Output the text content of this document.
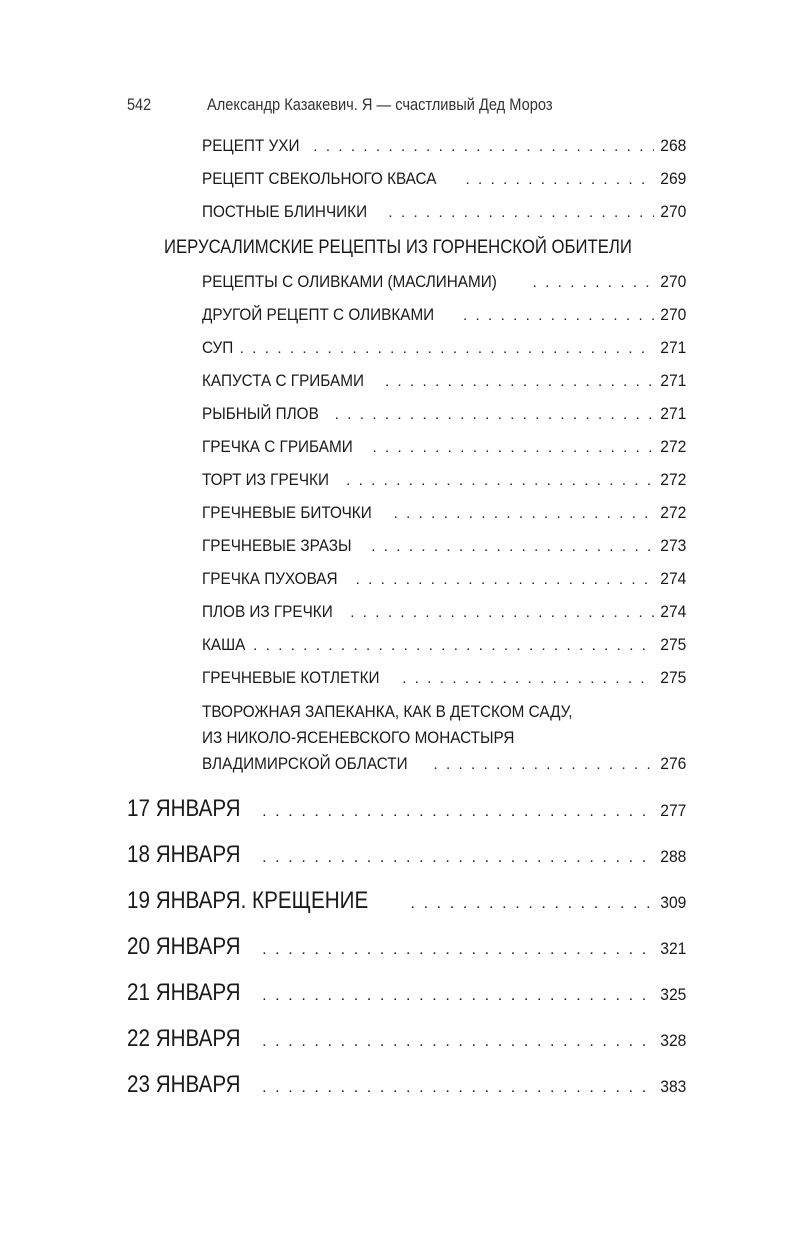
542	Александр Казакевич. Я — счастливый Дед Мороз
РЕЦЕПТ УХИ . . .	268
РЕЦЕПТ СВЕКОЛЬНОГО КВАСА . . .	269
ПОСТНЫЕ БЛИНЧИКИ . . .	270
ИЕРУСАЛИМСКИЕ РЕЦЕПТЫ ИЗ ГОРНЕНСКОЙ ОБИТЕЛИ
РЕЦЕПТЫ С ОЛИВКАМИ (МАСЛИНАМИ) . . .	270
ДРУГОЙ РЕЦЕПТ С ОЛИВКАМИ . . .	270
СУП . . .	271
КАПУСТА С ГРИБАМИ . . .	271
РЫБНЫЙ ПЛОВ . . .	271
ГРЕЧКА С ГРИБАМИ . . .	272
ТОРТ ИЗ ГРЕЧКИ . . .	272
ГРЕЧНЕВЫЕ БИТОЧКИ . . .	272
ГРЕЧНЕВЫЕ ЗРАЗЫ . . .	273
ГРЕЧКА ПУХОВАЯ . . .	274
ПЛОВ ИЗ ГРЕЧКИ . . .	274
КАША . . .	275
ГРЕЧНЕВЫЕ КОТЛЕТКИ . . .	275
ТВОРОЖНАЯ ЗАПЕКАНКА, КАК В ДЕТСКОМ САДУ,
ИЗ НИКОЛО-ЯСЕНЕВСКОГО МОНАСТЫРЯ
ВЛАДИМИРСКОЙ ОБЛАСТИ . . .	276
17 ЯНВАРЯ . . .	277
18 ЯНВАРЯ . . .	288
19 ЯНВАРЯ. КРЕЩЕНИЕ . . .	309
20 ЯНВАРЯ . . .	321
21 ЯНВАРЯ . . .	325
22 ЯНВАРЯ . . .	328
23 ЯНВАРЯ . . .	383
